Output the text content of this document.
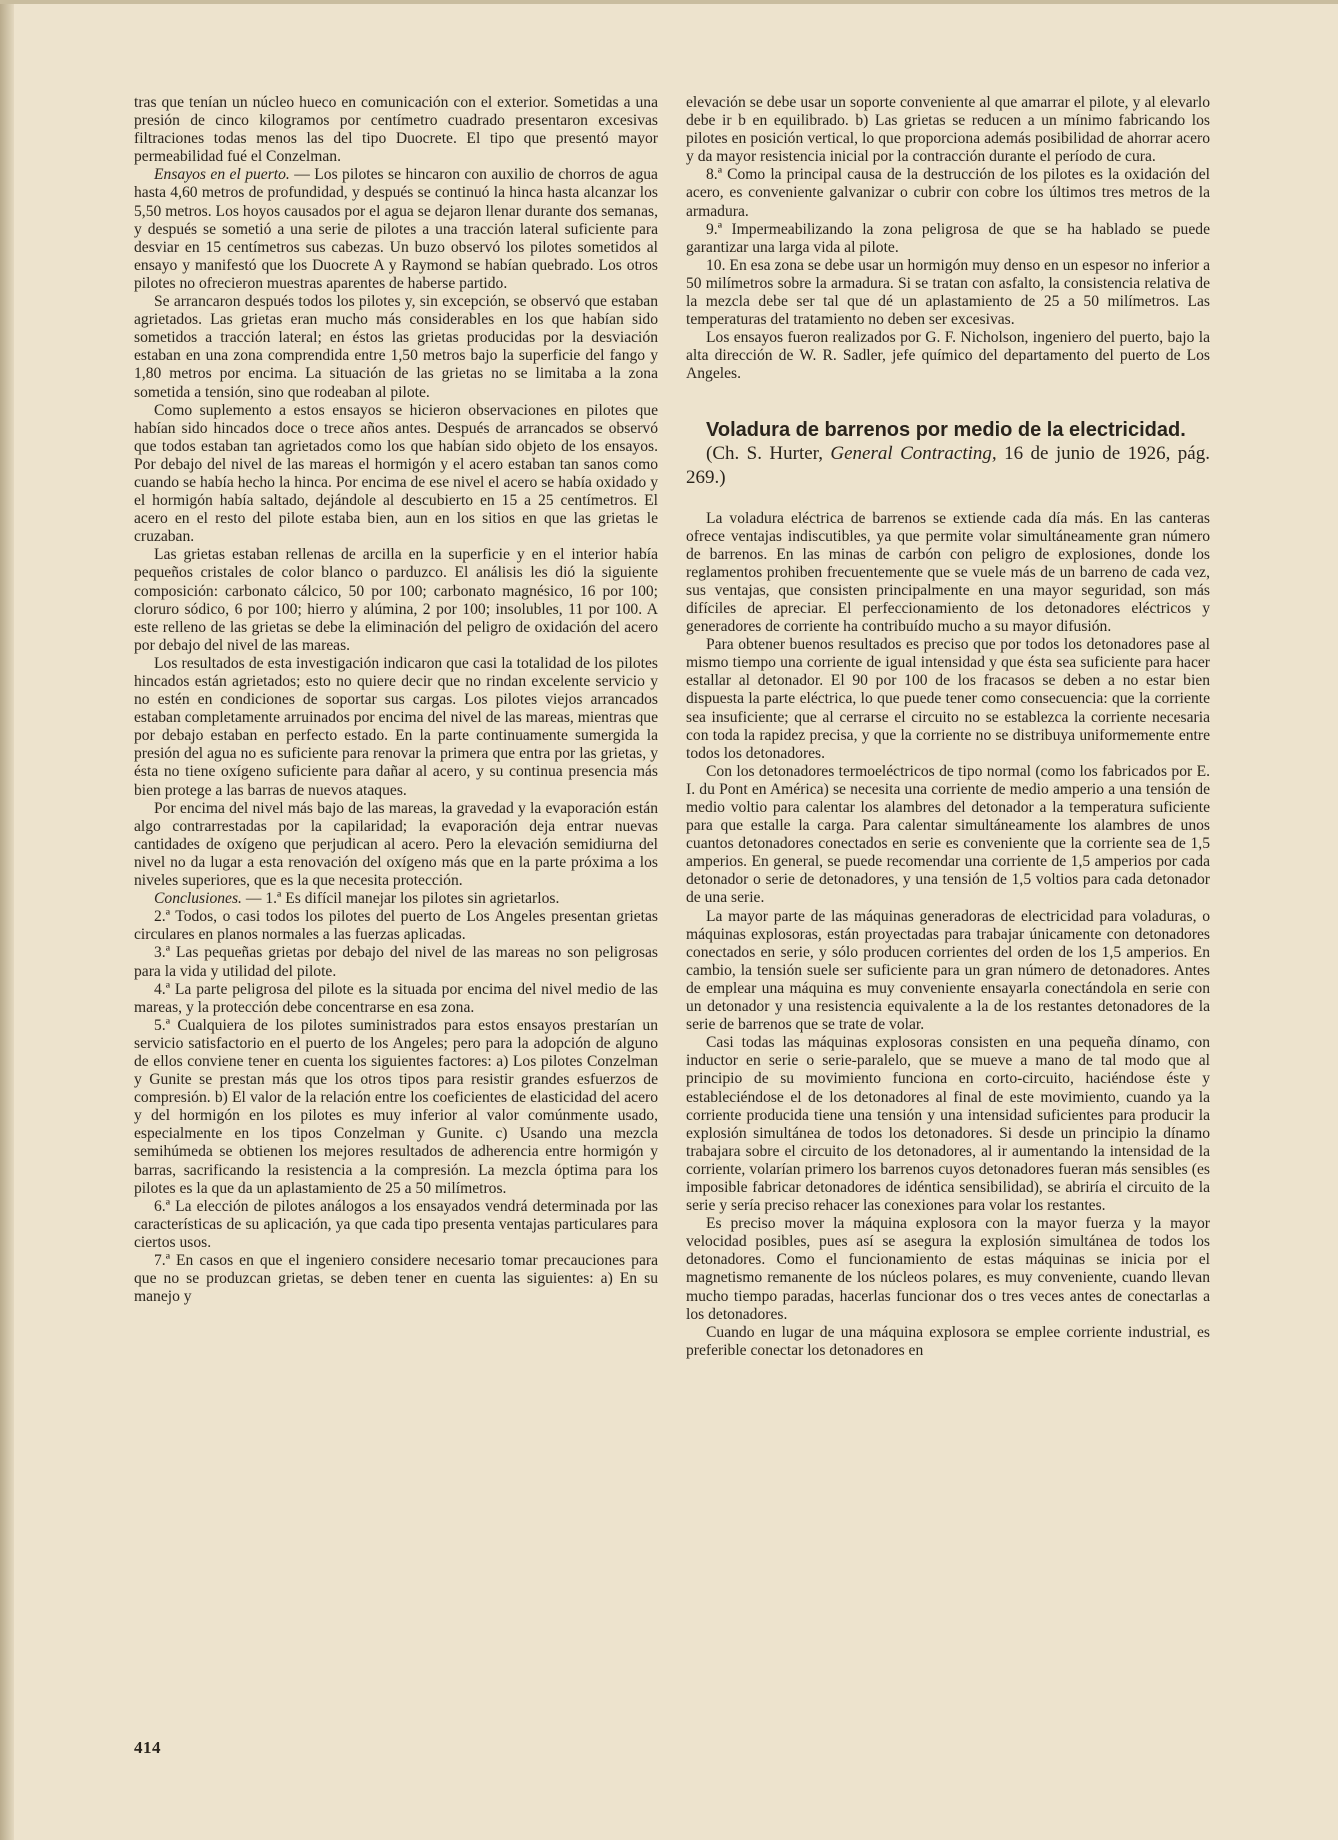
tras que tenían un núcleo hueco en comunicación con el exterior. Sometidas a una presión de cinco kilogramos por centímetro cuadrado presentaron excesivas filtraciones todas menos las del tipo Duocrete. El tipo que presentó mayor permeabilidad fué el Conzelman.

Ensayos en el puerto. — Los pilotes se hincaron con auxilio de chorros de agua hasta 4,60 metros de profundidad, y después se continuó la hinca hasta alcanzar los 5,50 metros. Los hoyos causados por el agua se dejaron llenar durante dos semanas, y después se sometió a una serie de pilotes a una tracción lateral suficiente para desviar en 15 centímetros sus cabezas. Un buzo observó los pilotes sometidos al ensayo y manifestó que los Duocrete A y Raymond se habían quebrado. Los otros pilotes no ofrecieron muestras aparentes de haberse partido.

Se arrancaron después todos los pilotes y, sin excepción, se observó que estaban agrietados. Las grietas eran mucho más considerables en los que habían sido sometidos a tracción lateral; en éstos las grietas producidas por la desviación estaban en una zona comprendida entre 1,50 metros bajo la superficie del fango y 1,80 metros por encima. La situación de las grietas no se limitaba a la zona sometida a tensión, sino que rodeaban al pilote.

Como suplemento a estos ensayos se hicieron observaciones en pilotes que habían sido hincados doce o trece años antes. Después de arrancados se observó que todos estaban tan agrietados como los que habían sido objeto de los ensayos. Por debajo del nivel de las mareas el hormigón y el acero estaban tan sanos como cuando se había hecho la hinca. Por encima de ese nivel el acero se había oxidado y el hormigón había saltado, dejándole al descubierto en 15 a 25 centímetros. El acero en el resto del pilote estaba bien, aun en los sitios en que las grietas le cruzaban.

Las grietas estaban rellenas de arcilla en la superficie y en el interior había pequeños cristales de color blanco o parduzco. El análisis les dió la siguiente composición: carbonato cálcico, 50 por 100; carbonato magnésico, 16 por 100; cloruro sódico, 6 por 100; hierro y alúmina, 2 por 100; insolubles, 11 por 100. A este relleno de las grietas se debe la eliminación del peligro de oxidación del acero por debajo del nivel de las mareas.

Los resultados de esta investigación indicaron que casi la totalidad de los pilotes hincados están agrietados; esto no quiere decir que no rindan excelente servicio y no estén en condiciones de soportar sus cargas. Los pilotes viejos arrancados estaban completamente arruinados por encima del nivel de las mareas, mientras que por debajo estaban en perfecto estado. En la parte continuamente sumergida la presión del agua no es suficiente para renovar la primera que entra por las grietas, y ésta no tiene oxígeno suficiente para dañar al acero, y su continua presencia más bien protege a las barras de nuevos ataques.

Por encima del nivel más bajo de las mareas, la gravedad y la evaporación están algo contrarrestadas por la capilaridad; la evaporación deja entrar nuevas cantidades de oxígeno que perjudican al acero. Pero la elevación semidiurna del nivel no da lugar a esta renovación del oxígeno más que en la parte próxima a los niveles superiores, que es la que necesita protección.

Conclusiones. — 1.ª Es difícil manejar los pilotes sin agrietarlos.

2.ª Todos, o casi todos los pilotes del puerto de Los Angeles presentan grietas circulares en planos normales a las fuerzas aplicadas.

3.ª Las pequeñas grietas por debajo del nivel de las mareas no son peligrosas para la vida y utilidad del pilote.

4.ª La parte peligrosa del pilote es la situada por encima del nivel medio de las mareas, y la protección debe concentrarse en esa zona.

5.ª Cualquiera de los pilotes suministrados para estos ensayos prestarían un servicio satisfactorio en el puerto de los Angeles; pero para la adopción de alguno de ellos conviene tener en cuenta los siguientes factores: a) Los pilotes Conzelman y Gunite se prestan más que los otros tipos para resistir grandes esfuerzos de compresión. b) El valor de la relación entre los coeficientes de elasticidad del acero y del hormigón en los pilotes es muy inferior al valor comúnmente usado, especialmente en los tipos Conzelman y Gunite. c) Usando una mezcla semihúmeda se obtienen los mejores resultados de adherencia entre hormigón y barras, sacrificando la resistencia a la compresión. La mezcla óptima para los pilotes es la que da un aplastamiento de 25 a 50 milímetros.

6.ª La elección de pilotes análogos a los ensayados vendrá determinada por las características de su aplicación, ya que cada tipo presenta ventajas particulares para ciertos usos.

7.ª En casos en que el ingeniero considere necesario tomar precauciones para que no se produzcan grietas, se deben tener en cuenta las siguientes: a) En su manejo y

elevación se debe usar un soporte conveniente al que amarrar el pilote, y al elevarlo debe ir b en equilibrado. b) Las grietas se reducen a un mínimo fabricando los pilotes en posición vertical, lo que proporciona además posibilidad de ahorrar acero y da mayor resistencia inicial por la contracción durante el período de cura.

8.ª Como la principal causa de la destrucción de los pilotes es la oxidación del acero, es conveniente galvanizar o cubrir con cobre los últimos tres metros de la armadura.

9.ª Impermeabilizando la zona peligrosa de que se ha hablado se puede garantizar una larga vida al pilote.

10. En esa zona se debe usar un hormigón muy denso en un espesor no inferior a 50 milímetros sobre la armadura. Si se tratan con asfalto, la consistencia relativa de la mezcla debe ser tal que dé un aplastamiento de 25 a 50 milímetros. Las temperaturas del tratamiento no deben ser excesivas.

Los ensayos fueron realizados por G. F. Nicholson, ingeniero del puerto, bajo la alta dirección de W. R. Sadler, jefe químico del departamento del puerto de Los Angeles.

Voladura de barrenos por medio de la electricidad.

(Ch. S. Hurter, General Contracting, 16 de junio de 1926, pág. 269.)

La voladura eléctrica de barrenos se extiende cada día más. En las canteras ofrece ventajas indiscutibles, ya que permite volar simultáneamente gran número de barrenos. En las minas de carbón con peligro de explosiones, donde los reglamentos prohiben frecuentemente que se vuele más de un barreno de cada vez, sus ventajas, que consisten principalmente en una mayor seguridad, son más difíciles de apreciar. El perfeccionamiento de los detonadores eléctricos y generadores de corriente ha contribuído mucho a su mayor difusión.

Para obtener buenos resultados es preciso que por todos los detonadores pase al mismo tiempo una corriente de igual intensidad y que ésta sea suficiente para hacer estallar al detonador. El 90 por 100 de los fracasos se deben a no estar bien dispuesta la parte eléctrica, lo que puede tener como consecuencia: que la corriente sea insuficiente; que al cerrarse el circuito no se establezca la corriente necesaria con toda la rapidez precisa, y que la corriente no se distribuya uniformemente entre todos los detonadores.

Con los detonadores termoeléctricos de tipo normal (como los fabricados por E. I. du Pont en América) se necesita una corriente de medio amperio a una tensión de medio voltio para calentar los alambres del detonador a la temperatura suficiente para que estalle la carga. Para calentar simultáneamente los alambres de unos cuantos detonadores conectados en serie es conveniente que la corriente sea de 1,5 amperios. En general, se puede recomendar una corriente de 1,5 amperios por cada detonador o serie de detonadores, y una tensión de 1,5 voltios para cada detonador de una serie.

La mayor parte de las máquinas generadoras de electricidad para voladuras, o máquinas explosoras, están proyectadas para trabajar únicamente con detonadores conectados en serie, y sólo producen corrientes del orden de los 1,5 amperios. En cambio, la tensión suele ser suficiente para un gran número de detonadores. Antes de emplear una máquina es muy conveniente ensayarla conectándola en serie con un detonador y una resistencia equivalente a la de los restantes detonadores de la serie de barrenos que se trate de volar.

Casi todas las máquinas explosoras consisten en una pequeña dínamo, con inductor en serie o serie-paralelo, que se mueve a mano de tal modo que al principio de su movimiento funciona en corto-circuito, haciéndose éste y estableciéndose el de los detonadores al final de este movimiento, cuando ya la corriente producida tiene una tensión y una intensidad suficientes para producir la explosión simultánea de todos los detonadores. Si desde un principio la dínamo trabajara sobre el circuito de los detonadores, al ir aumentando la intensidad de la corriente, volarían primero los barrenos cuyos detonadores fueran más sensibles (es imposible fabricar detonadores de idéntica sensibilidad), se abriría el circuito de la serie y sería preciso rehacer las conexiones para volar los restantes.

Es preciso mover la máquina explosora con la mayor fuerza y la mayor velocidad posibles, pues así se asegura la explosión simultánea de todos los detonadores. Como el funcionamiento de estas máquinas se inicia por el magnetismo remanente de los núcleos polares, es muy conveniente, cuando llevan mucho tiempo paradas, hacerlas funcionar dos o tres veces antes de conectarlas a los detonadores.

Cuando en lugar de una máquina explosora se emplee corriente industrial, es preferible conectar los detonadores en

414
